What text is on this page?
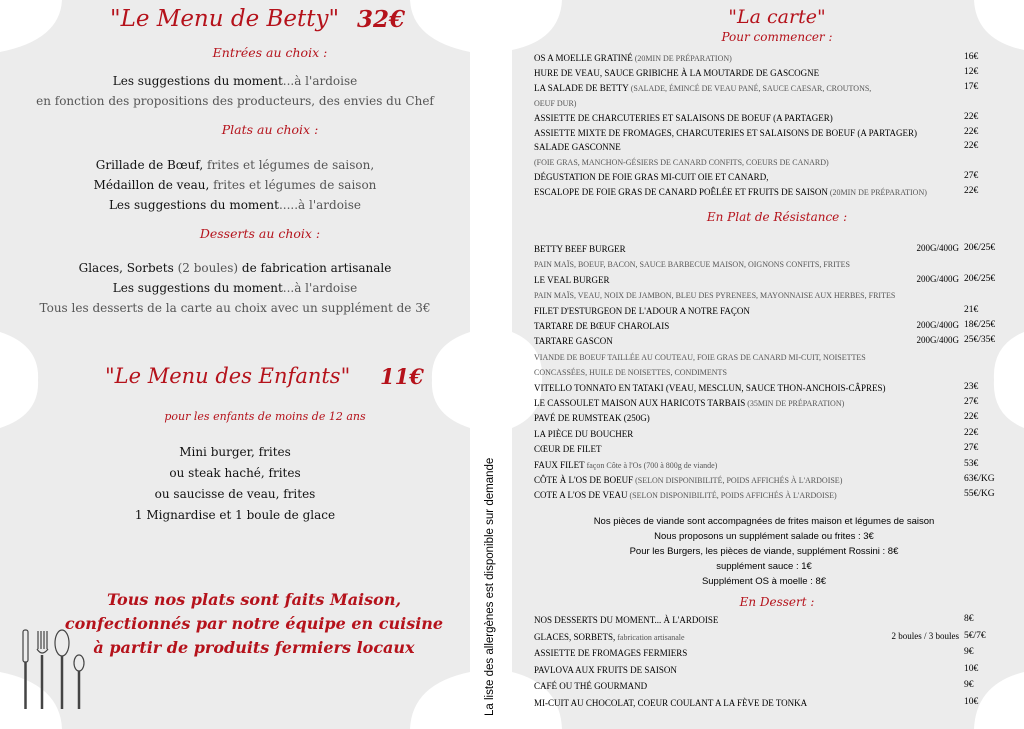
"Le Menu de Betty" 32€
Entrées au choix :
Les suggestions du moment...à l'ardoise
en fonction des propositions des producteurs, des envies du Chef
Plats au choix :
Grillade de Bœuf, frites et légumes de saison,
Médaillon de veau, frites et légumes de saison
Les suggestions du moment.....à l'ardoise
Desserts au choix :
Glaces, Sorbets (2 boules) de fabrication artisanale
Les suggestions du moment...à l'ardoise
Tous les desserts de la carte au choix avec un supplément de 3€
"Le Menu des Enfants" 11€
pour les enfants de moins de 12 ans
Mini burger, frites
ou steak haché, frites
ou saucisse de veau, frites
1 Mignardise et 1 boule de glace
Tous nos plats sont faits Maison,
confectionnés par notre équipe en cuisine
à partir de produits fermiers locaux	La liste des allergènes est disponible sur demande
"La carte"
Pour commencer :
OS A MOELLE GRATINÉ (20MIN DE PRÉPARATION)	16€
HURE DE VEAU, SAUCE GRIBICHE À LA MOUTARDE DE GASCOGNE	12€
LA SALADE DE BETTY (SALADE, ÉMINCÉ DE VEAU PANÉ, SAUCE CAESAR, CROUTONS,	17€
OEUF DUR)
ASSIETTE DE CHARCUTERIES ET SALAISONS DE BOEUF (A PARTAGER)	22€
ASSIETTE MIXTE DE FROMAGES, CHARCUTERIES ET SALAISONS DE BOEUF (A PARTAGER)	22€
SALADE GASCONNE	22€
(FOIE GRAS, MANCHON-GÉSIERS DE CANARD CONFITS, COEURS DE CANARD)
DÉGUSTATION DE FOIE GRAS MI-CUIT OIE ET CANARD,	27€
ESCALOPE DE FOIE GRAS DE CANARD POÊLÉE ET FRUITS DE SAISON (20MIN DE PRÉPARATION)	22€
En Plat de Résistance :
BETTY BEEF BURGER	200G/400G 20€/25€
PAIN MAÏS, BOEUF, BACON, SAUCE BARBECUE MAISON, OIGNONS CONFITS, FRITES
LE VEAL BURGER	200G/400G 20€/25€
PAIN MAÏS, VEAU, NOIX DE JAMBON, BLEU DES PYRENEES, MAYONNAISE AUX HERBES, FRITES
FILET D'ESTURGEON DE L'ADOUR A NOTRE FAÇON	21€
TARTARE DE BŒUF CHAROLAIS	200G/400G 18€/25€
TARTARE GASCON	200G/400G 25€/35€
VIANDE DE BOEUF TAILLÉE AU COUTEAU, FOIE GRAS DE CANARD MI-CUIT, NOISETTES
CONCASSÉES, HUILE DE NOISETTES, CONDIMENTS
VITELLO TONNATO EN TATAKI (VEAU, MESCLUN, SAUCE THON-ANCHOIS-CÂPRES)	23€
LE CASSOULET MAISON AUX HARICOTS TARBAIS (35MIN DE PRÉPARATION)	27€
PAVÉ DE RUMSTEAK (250G)	22€
LA PIÈCE DU BOUCHER	22€
CŒUR DE FILET	27€
FAUX FILET façon Côte à l'Os (700 à 800g de viande)	53€
CÔTE À L'OS DE BOEUF (SELON DISPONIBILITÉ, POIDS AFFICHÉS À L'ARDOISE)	63€/KG
COTE A L'OS DE VEAU (SELON DISPONIBILITÉ, POIDS AFFICHÉS À L'ARDOISE)	55€/KG
Nos pièces de viande sont accompagnées de frites maison et légumes de saison
Nous proposons un supplément salade ou frites : 3€
Pour les Burgers, les pièces de viande, supplément Rossini : 8€
supplément sauce : 1€
Supplément OS à moelle : 8€
En Dessert :
NOS DESSERTS DU MOMENT... À L'ARDOISE	8€
GLACES, SORBETS, fabrication artisanale	2 boules / 3 boules 5€/7€
ASSIETTE DE FROMAGES FERMIERS	9€
PAVLOVA AUX FRUITS DE SAISON	10€
CAFÉ OU THÉ GOURMAND	9€
MI-CUIT AU CHOCOLAT, COEUR COULANT A LA FÈVE DE TONKA	10€
